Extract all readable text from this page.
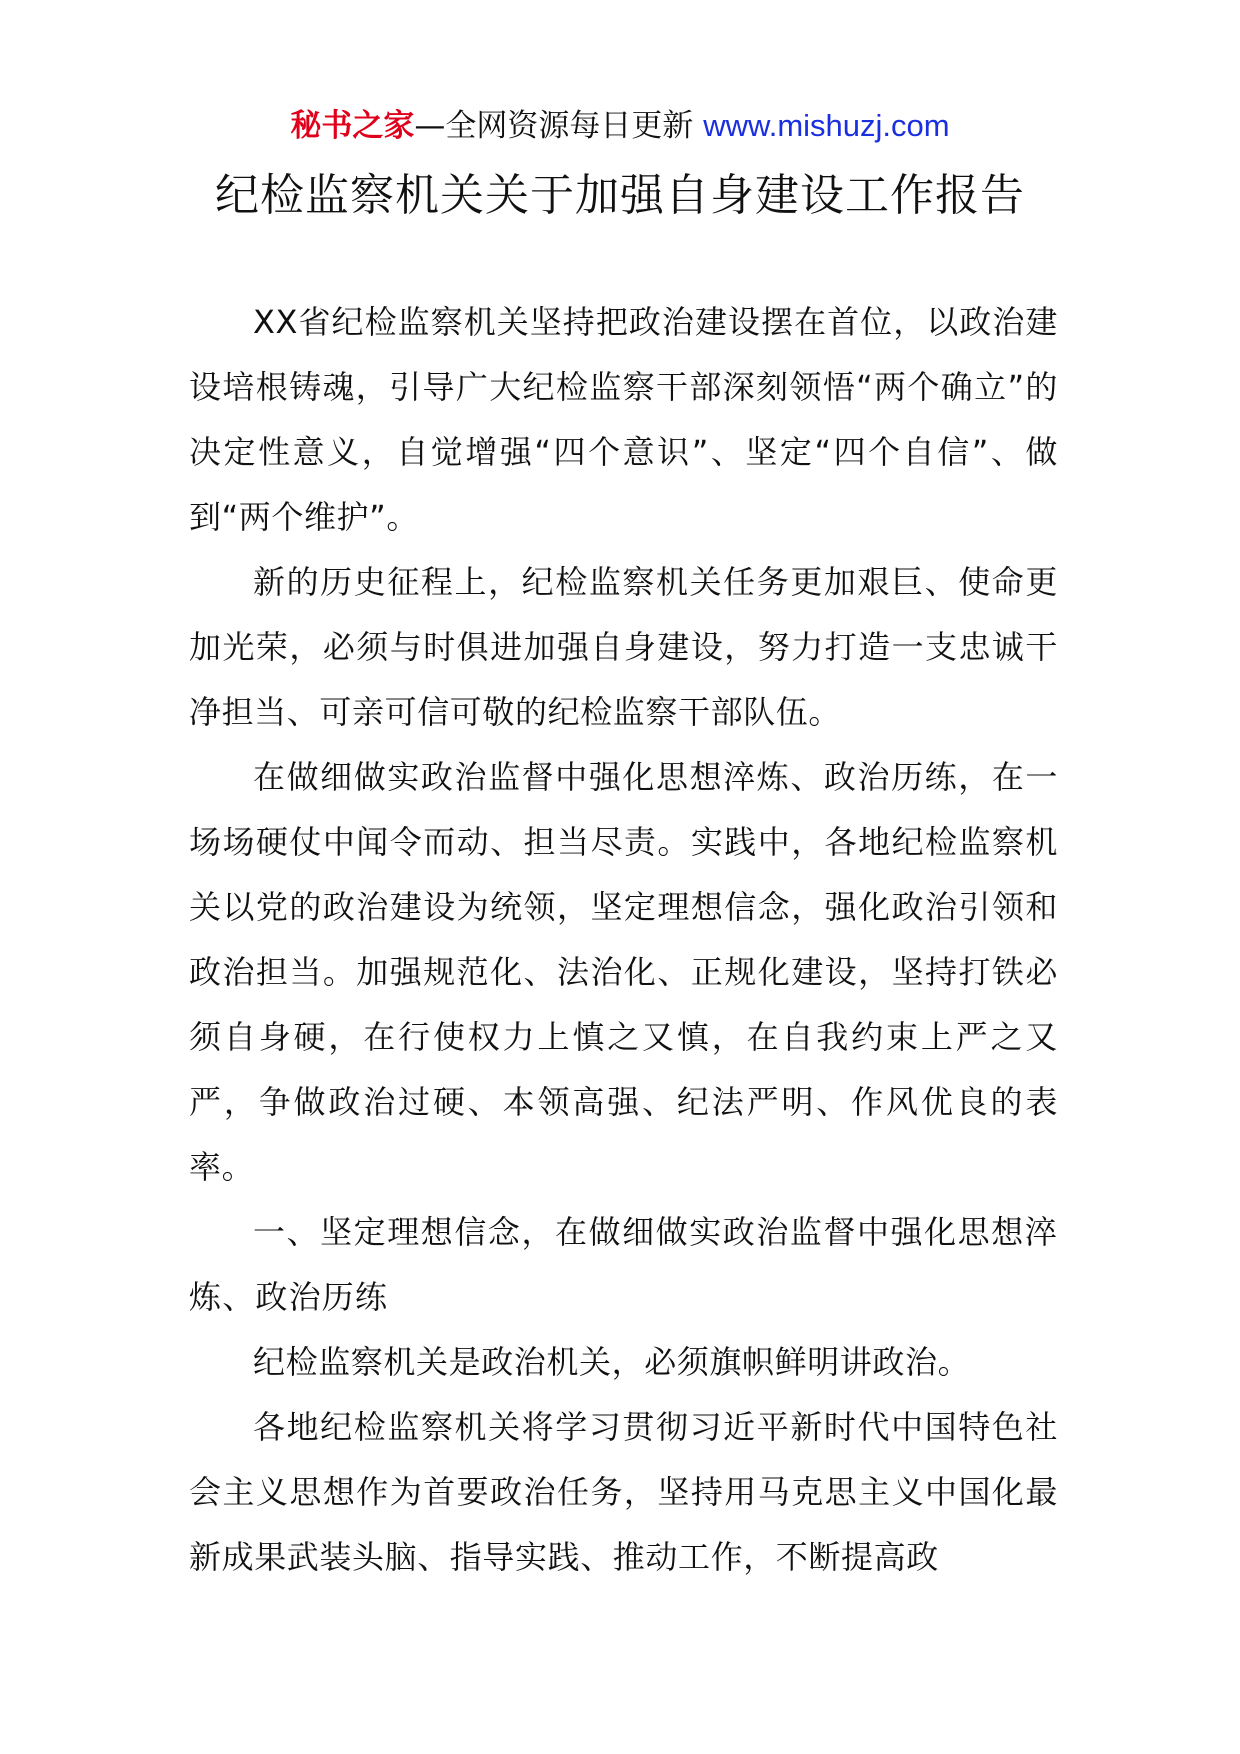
秘书之家—全网资源每日更新 www.mishuzj.com
纪检监察机关关于加强自身建设工作报告

XX省纪检监察机关坚持把政治建设摆在首位，以政治建设培根铸魂，引导广大纪检监察干部深刻领悟“两个确立”的决定性意义，自觉增强“四个意识”、坚定“四个自信”、做到“两个维护”。

新的历史征程上，纪检监察机关任务更加艰巨、使命更加光荣，必须与时俱进加强自身建设，努力打造一支忠诚干净担当、可亲可信可敬的纪检监察干部队伍。

在做细做实政治监督中强化思想淬炼、政治历练，在一场场硬仗中闻令而动、担当尽责。实践中，各地纪检监察机关以党的政治建设为统领，坚定理想信念，强化政治引领和政治担当。加强规范化、法治化、正规化建设，坚持打铁必须自身硬，在行使权力上慎之又慎，在自我约束上严之又严，争做政治过硬、本领高强、纪法严明、作风优良的表率。

一、坚定理想信念，在做细做实政治监督中强化思想淬炼、政治历练

纪检监察机关是政治机关，必须旗帜鲜明讲政治。

各地纪检监察机关将学习贯彻习近平新时代中国特色社会主义思想作为首要政治任务，坚持用马克思主义中国化最新成果武装头脑、指导实践、推动工作，不断提高政
